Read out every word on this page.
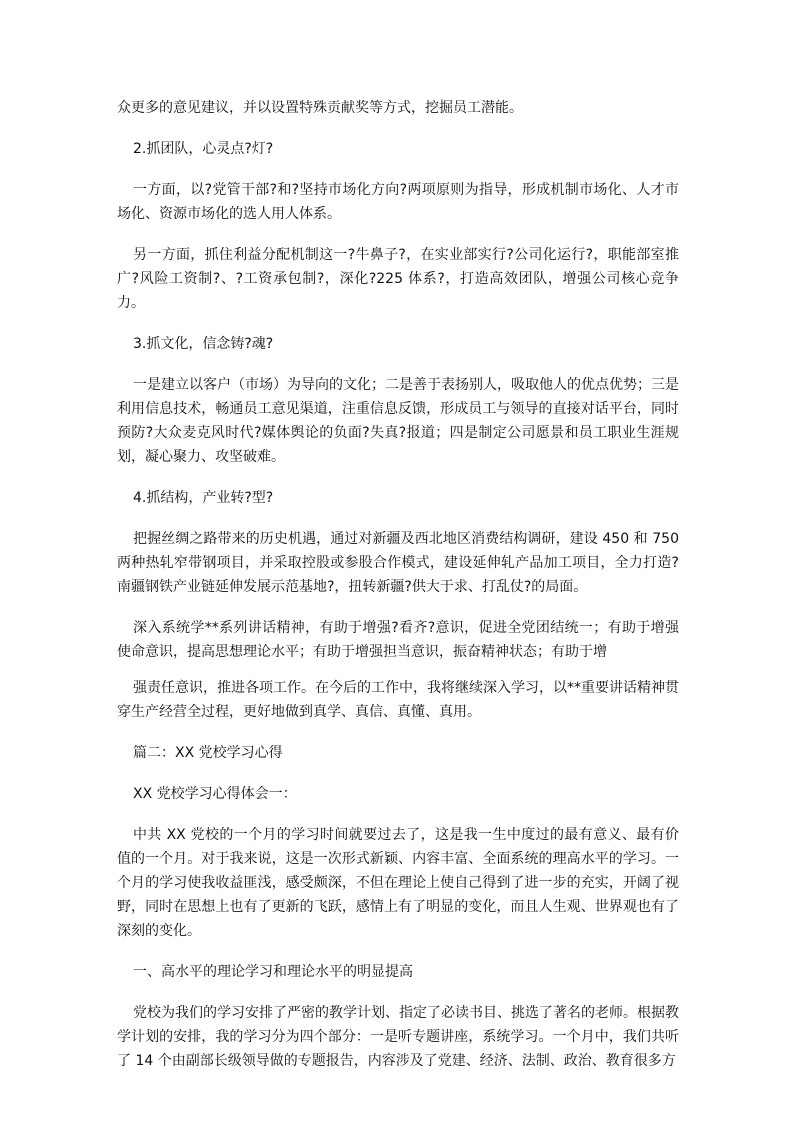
众更多的意见建议，并以设置特殊贡献奖等方式，挖掘员工潜能。

2.抓团队，心灵点?灯?

一方面，以?党管干部?和?坚持市场化方向?两项原则为指导，形成机制市场化、人才市场化、资源市场化的选人用人体系。

另一方面，抓住利益分配机制这一?牛鼻子?，在实业部实行?公司化运行?，职能部室推广?风险工资制?、?工资承包制?，深化?225 体系?，打造高效团队，增强公司核心竞争力。

3.抓文化，信念铸?魂?

一是建立以客户（市场）为导向的文化；二是善于表扬别人，吸取他人的优点优势；三是利用信息技术，畅通员工意见渠道，注重信息反馈，形成员工与领导的直接对话平台，同时预防?大众麦克风时代?媒体舆论的负面?失真?报道；四是制定公司愿景和员工职业生涯规划，凝心聚力、攻坚破难。

4.抓结构，产业转?型?

把握丝绸之路带来的历史机遇，通过对新疆及西北地区消费结构调研，建设 450 和 750 两种热轧窄带钢项目，并采取控股或参股合作模式，建设延伸轧产品加工项目，全力打造?南疆钢铁产业链延伸发展示范基地?，扭转新疆?供大于求、打乱仗?的局面。

深入系统学**系列讲话精神，有助于增强?看齐?意识，促进全党团结统一；有助于增强使命意识，提高思想理论水平；有助于增强担当意识，振奋精神状态；有助于增

强责任意识，推进各项工作。在今后的工作中，我将继续深入学习，以**重要讲话精神贯穿生产经营全过程，更好地做到真学、真信、真懂、真用。

篇二：XX 党校学习心得

XX 党校学习心得体会一：

中共 XX 党校的一个月的学习时间就要过去了，这是我一生中度过的最有意义、最有价值的一个月。对于我来说，这是一次形式新颖、内容丰富、全面系统的理高水平的学习。一个月的学习使我收益匪浅，感受颇深，不但在理论上使自己得到了进一步的充实，开阔了视野，同时在思想上也有了更新的飞跃，感情上有了明显的变化，而且人生观、世界观也有了深刻的变化。

一、高水平的理论学习和理论水平的明显提高

党校为我们的学习安排了严密的教学计划、指定了必读书目、挑选了著名的老师。根据教学计划的安排，我的学习分为四个部分：一是听专题讲座，系统学习。一个月中，我们共听了 14 个由副部长级领导做的专题报告，内容涉及了党建、经济、法制、政治、教育很多方
